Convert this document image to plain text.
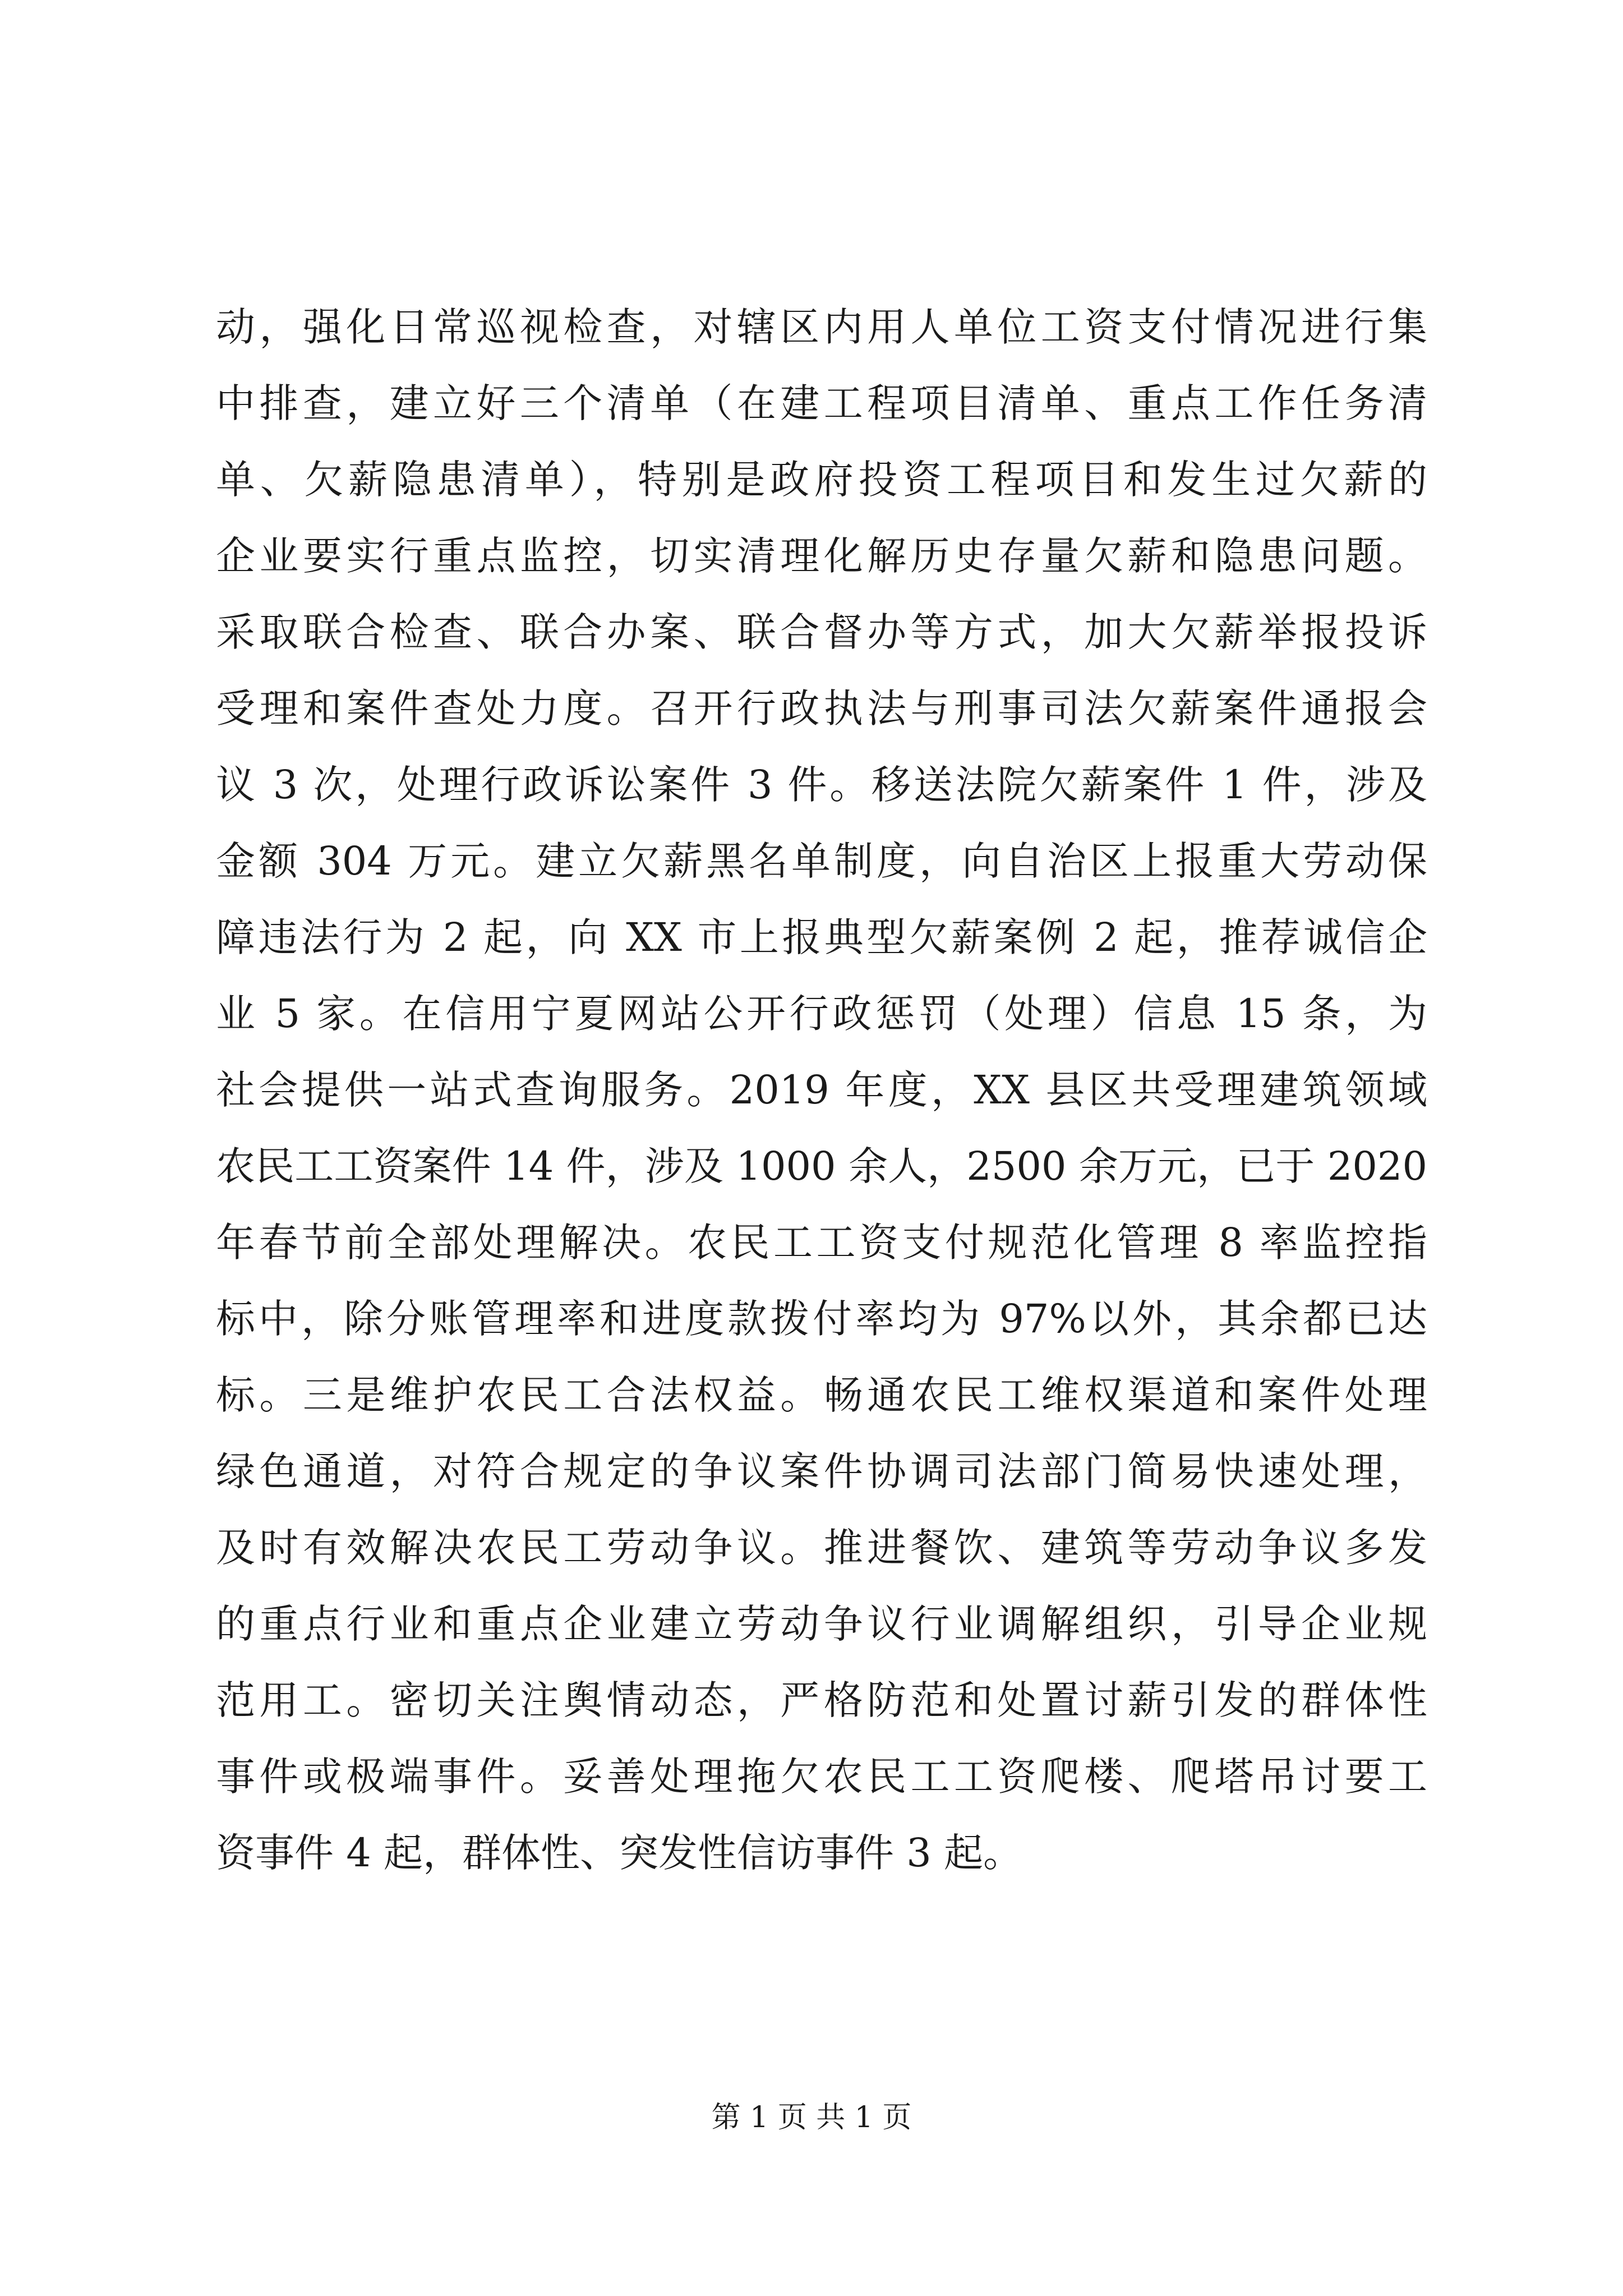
动，强化日常巡视检查，对辖区内用人单位工资支付情况进行集
中排查，建立好三个清单（在建工程项目清单、重点工作任务清
单、欠薪隐患清单），特别是政府投资工程项目和发生过欠薪的
企业要实行重点监控，切实清理化解历史存量欠薪和隐患问题。
采取联合检查、联合办案、联合督办等方式，加大欠薪举报投诉
受理和案件查处力度。召开行政执法与刑事司法欠薪案件通报会
议 3 次，处理行政诉讼案件 3 件。移送法院欠薪案件 1 件，涉及
金额 304 万元。建立欠薪黑名单制度，向自治区上报重大劳动保
障违法行为 2 起，向 XX 市上报典型欠薪案例 2 起，推荐诚信企
业 5 家。在信用宁夏网站公开行政惩罚（处理）信息 15 条，为
社会提供一站式查询服务。2019 年度，XX 县区共受理建筑领域
农民工工资案件 14 件，涉及 1000 余人，2500 余万元，已于 2020
年春节前全部处理解决。农民工工资支付规范化管理 8 率监控指
标中，除分账管理率和进度款拨付率均为 97%以外，其余都已达
标。三是维护农民工合法权益。畅通农民工维权渠道和案件处理
绿色通道，对符合规定的争议案件协调司法部门简易快速处理，
及时有效解决农民工劳动争议。推进餐饮、建筑等劳动争议多发
的重点行业和重点企业建立劳动争议行业调解组织，引导企业规
范用工。密切关注舆情动态，严格防范和处置讨薪引发的群体性
事件或极端事件。妥善处理拖欠农民工工资爬楼、爬塔吊讨要工
资事件 4 起，群体性、突发性信访事件 3 起。
第 1 页 共 1 页
